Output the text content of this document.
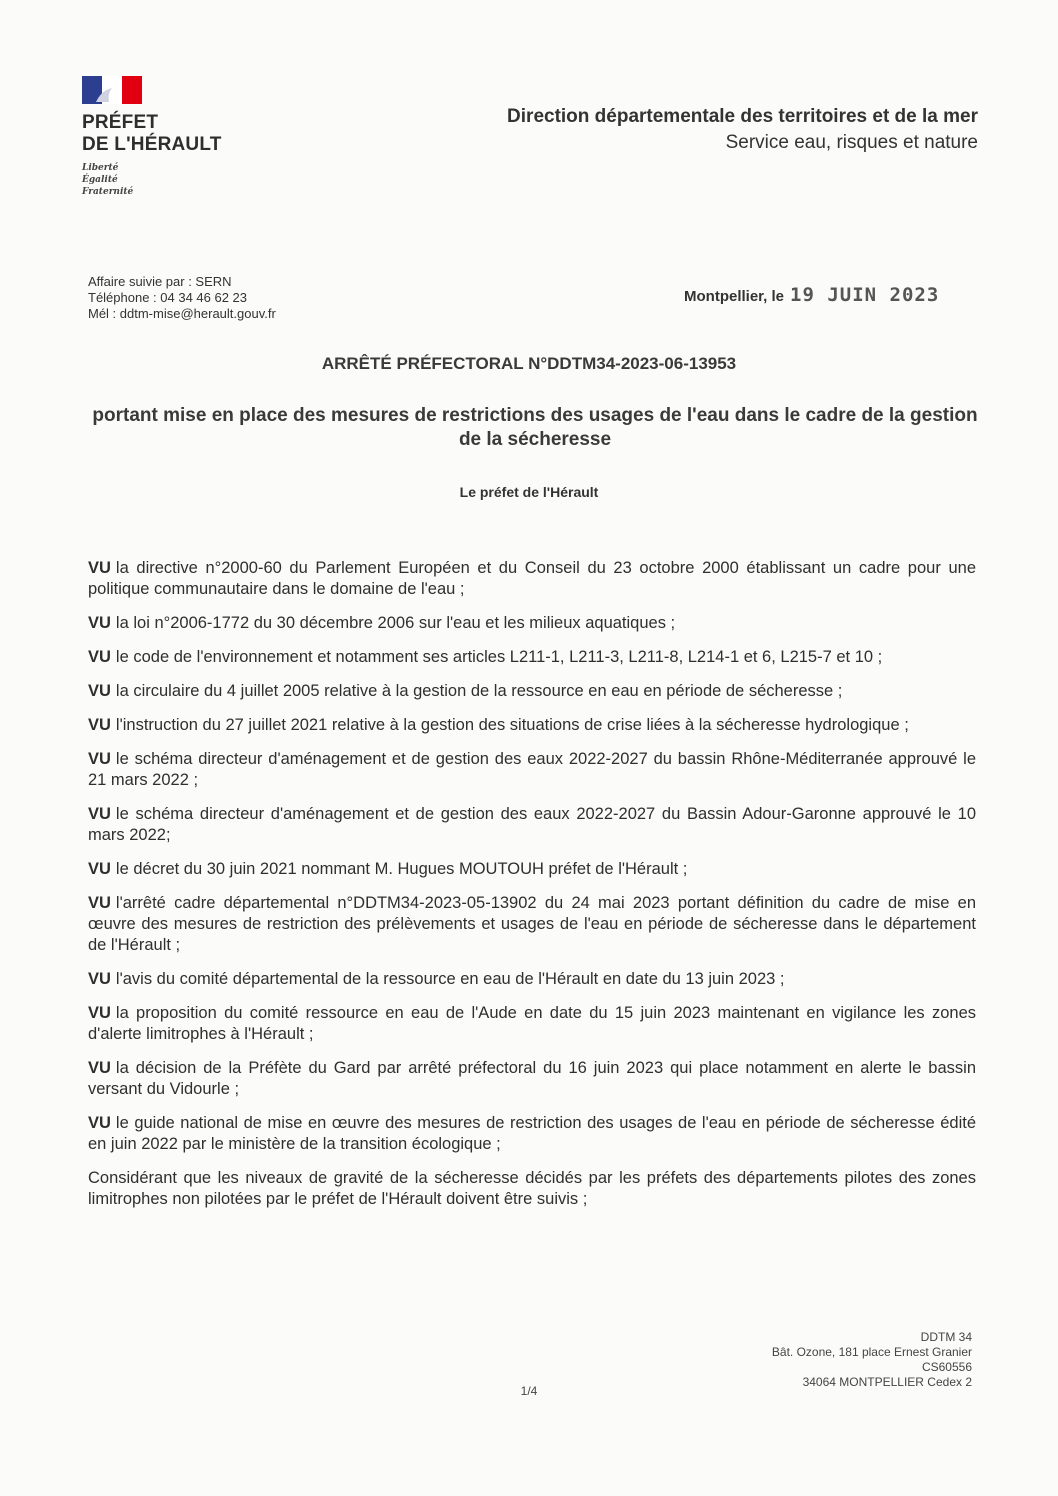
PRÉFET
DE L'HÉRAULT
Liberté
Égalité
Fraternité
Direction départementale des territoires et de la mer
Service eau, risques et nature
Affaire suivie par : SERN
Téléphone : 04 34 46 62 23
Mél : ddtm-mise@herault.gouv.fr
Montpellier, le 19 JUIN 2023
ARRÊTÉ PRÉFECTORAL N°DDTM34-2023-06-13953
portant mise en place des mesures de restrictions des usages de l'eau dans le cadre de la gestion de la sécheresse
Le préfet de l'Hérault

VU la directive n°2000-60 du Parlement Européen et du Conseil du 23 octobre 2000 établissant un cadre pour une politique communautaire dans le domaine de l'eau ;

VU la loi n°2006-1772 du 30 décembre 2006 sur l'eau et les milieux aquatiques ;

VU le code de l'environnement et notamment ses articles L211-1, L211-3, L211-8, L214-1 et 6, L215-7 et 10 ;

VU la circulaire du 4 juillet 2005 relative à la gestion de la ressource en eau en période de sécheresse ;

VU l'instruction du 27 juillet 2021 relative à la gestion des situations de crise liées à la sécheresse hydrologique ;

VU le schéma directeur d'aménagement et de gestion des eaux 2022-2027 du bassin Rhône-Méditerranée approuvé le 21 mars 2022 ;

VU le schéma directeur d'aménagement et de gestion des eaux 2022-2027 du Bassin Adour-Garonne approuvé le 10 mars 2022;

VU le décret du 30 juin 2021 nommant M. Hugues MOUTOUH préfet de l'Hérault ;

VU l'arrêté cadre départemental n°DDTM34-2023-05-13902 du 24 mai 2023 portant définition du cadre de mise en œuvre des mesures de restriction des prélèvements et usages de l'eau en période de sécheresse dans le département de l'Hérault ;

VU l'avis du comité départemental de la ressource en eau de l'Hérault en date du 13 juin 2023 ;

VU la proposition du comité ressource en eau de l'Aude en date du 15 juin 2023 maintenant en vigilance les zones d'alerte limitrophes à l'Hérault ;

VU la décision de la Préfète du Gard par arrêté préfectoral du 16 juin 2023 qui place notamment en alerte le bassin versant du Vidourle ;

VU le guide national de mise en œuvre des mesures de restriction des usages de l'eau en période de sécheresse édité en juin 2022 par le ministère de la transition écologique ;

Considérant que les niveaux de gravité de la sécheresse décidés par les préfets des départements pilotes des zones limitrophes non pilotées par le préfet de l'Hérault doivent être suivis ;

DDTM 34
Bât. Ozone, 181 place Ernest Granier
CS60556
34064 MONTPELLIER Cedex 2
1/4
